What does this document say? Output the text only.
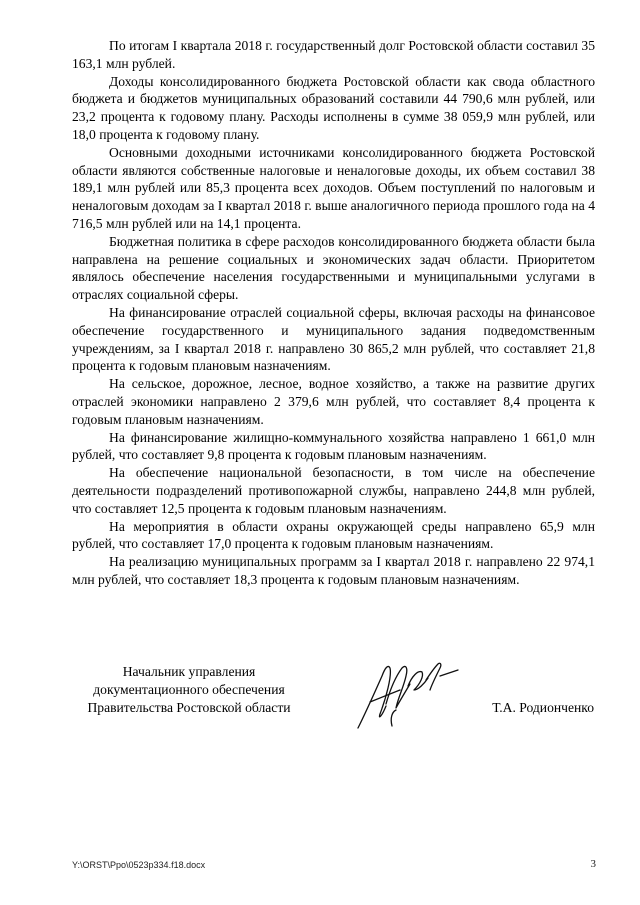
По итогам I квартала 2018 г. государственный долг Ростовской области составил 35 163,1 млн рублей.

Доходы консолидированного бюджета Ростовской области как свода областного бюджета и бюджетов муниципальных образований составили 44 790,6 млн рублей, или 23,2 процента к годовому плану. Расходы исполнены в сумме 38 059,9 млн рублей, или 18,0 процента к годовому плану.

Основными доходными источниками консолидированного бюджета Ростовской области являются собственные налоговые и неналоговые доходы, их объем составил 38 189,1 млн рублей или 85,3 процента всех доходов. Объем поступлений по налоговым и неналоговым доходам за I квартал 2018 г. выше аналогичного периода прошлого года на 4 716,5 млн рублей или на 14,1 процента.

Бюджетная политика в сфере расходов консолидированного бюджета области была направлена на решение социальных и экономических задач области. Приоритетом являлось обеспечение населения государственными и муниципальными услугами в отраслях социальной сферы.

На финансирование отраслей социальной сферы, включая расходы на финансовое обеспечение государственного и муниципального задания подведомственным учреждениям, за I квартал 2018 г. направлено 30 865,2 млн рублей, что составляет 21,8 процента к годовым плановым назначениям.

На сельское, дорожное, лесное, водное хозяйство, а также на развитие других отраслей экономики направлено 2 379,6 млн рублей, что составляет 8,4 процента к годовым плановым назначениям.

На финансирование жилищно-коммунального хозяйства направлено 1 661,0 млн рублей, что составляет 9,8 процента к годовым плановым назначениям.

На обеспечение национальной безопасности, в том числе на обеспечение деятельности подразделений противопожарной службы, направлено 244,8 млн рублей, что составляет 12,5 процента к годовым плановым назначениям.

На мероприятия в области охраны окружающей среды направлено 65,9 млн рублей, что составляет 17,0 процента к годовым плановым назначениям.

На реализацию муниципальных программ за I квартал 2018 г. направлено 22 974,1 млн рублей, что составляет 18,3 процента к годовым плановым назначениям.

Начальник управления
документационного обеспечения
Правительства Ростовской области	Т.А. Родионченко
Y:\ORST\Ppo\0523p334.f18.docx	3
